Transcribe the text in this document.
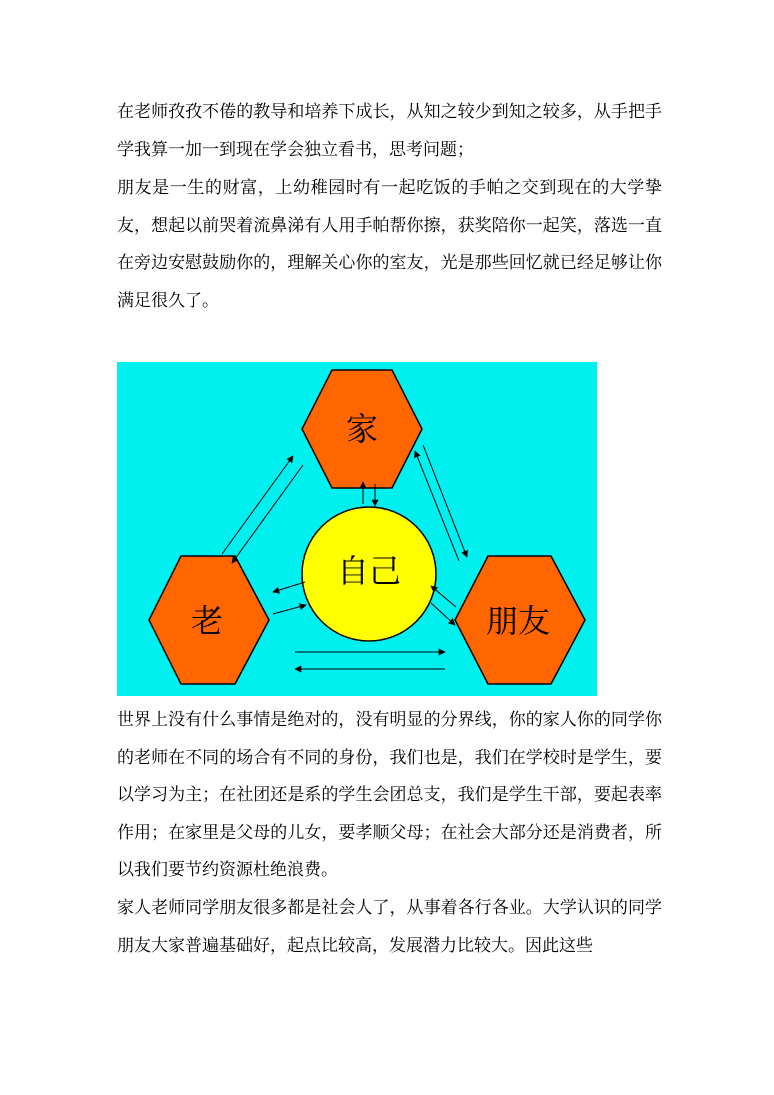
在老师孜孜不倦的教导和培养下成长，从知之较少到知之较多，从手把手学我算一加一到现在学会独立看书，思考问题；

朋友是一生的财富，上幼稚园时有一起吃饭的手帕之交到现在的大学挚友，想起以前哭着流鼻涕有人用手帕帮你擦，获奖陪你一起笑，落选一直在旁边安慰鼓励你的，理解关心你的室友，光是那些回忆就已经足够让你满足很久了。

家
自己
老	朋友

世界上没有什么事情是绝对的，没有明显的分界线，你的家人你的同学你的老师在不同的场合有不同的身份，我们也是，我们在学校时是学生，要以学习为主；在社团还是系的学生会团总支，我们是学生干部，要起表率作用；在家里是父母的儿女，要孝顺父母；在社会大部分还是消费者，所以我们要节约资源杜绝浪费。

家人老师同学朋友很多都是社会人了，从事着各行各业。大学认识的同学朋友大家普遍基础好，起点比较高，发展潜力比较大。因此这些
